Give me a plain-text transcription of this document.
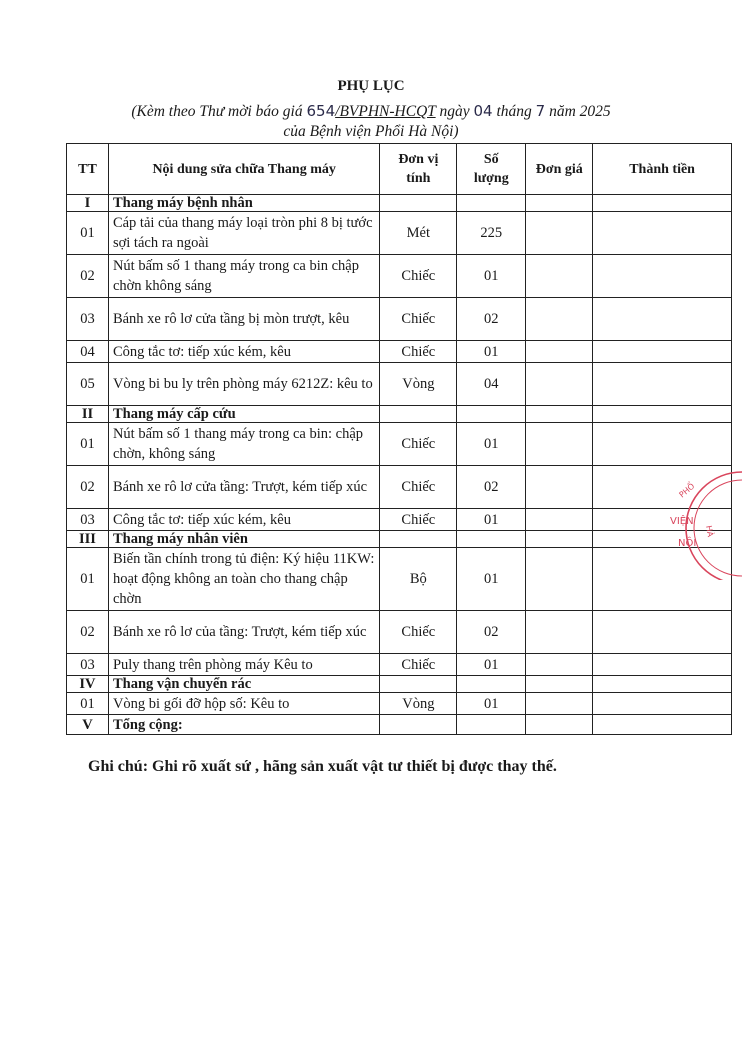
PHỤ LỤC
(Kèm theo Thư mời báo giá 654/BVPHN-HCQT ngày 04 tháng 7 năm 2025
của Bệnh viện Phổi Hà Nội)
TT	Nội dung sửa chữa Thang máy	Đơn vị tính	Số lượng	Đơn giá	Thành tiền
I	Thang máy bệnh nhân				
01	Cáp tải của thang máy loại tròn phi 8 bị tước sợi tách ra ngoài	Mét	225		
02	Nút bấm số 1 thang máy trong ca bin chập chờn không sáng	Chiếc	01		
03	Bánh xe rô lơ cửa tầng bị mòn trượt, kêu	Chiếc	02		
04	Công tắc tơ: tiếp xúc kém, kêu	Chiếc	01		
05	Vòng bi bu ly trên phòng máy 6212Z: kêu to	Vòng	04		
II	Thang máy cấp cứu				
01	Nút bấm số 1 thang máy trong ca bin: chập chờn, không sáng	Chiếc	01		
02	Bánh xe rô lơ cửa tầng: Trượt, kém tiếp xúc	Chiếc	02		
03	Công tắc tơ: tiếp xúc kém, kêu	Chiếc	01		
III	Thang máy nhân viên				
01	Biến tần chính trong tủ điện: Ký hiệu 11KW: hoạt động không an toàn cho thang chập chờn	Bộ	01		
02	Bánh xe rô lơ của tầng: Trượt, kém tiếp xúc	Chiếc	02		
03	Puly thang trên phòng máy Kêu to	Chiếc	01		
IV	Thang vận chuyển rác				
01	Vòng bi gối đỡ hộp số: Kêu to	Vòng	01		
V	Tổng cộng:				
Ghi chú: Ghi rõ xuất sứ , hãng sản xuất vật tư thiết bị được thay thế.
PHỔ
VIỆN
HÀ
NỘI
